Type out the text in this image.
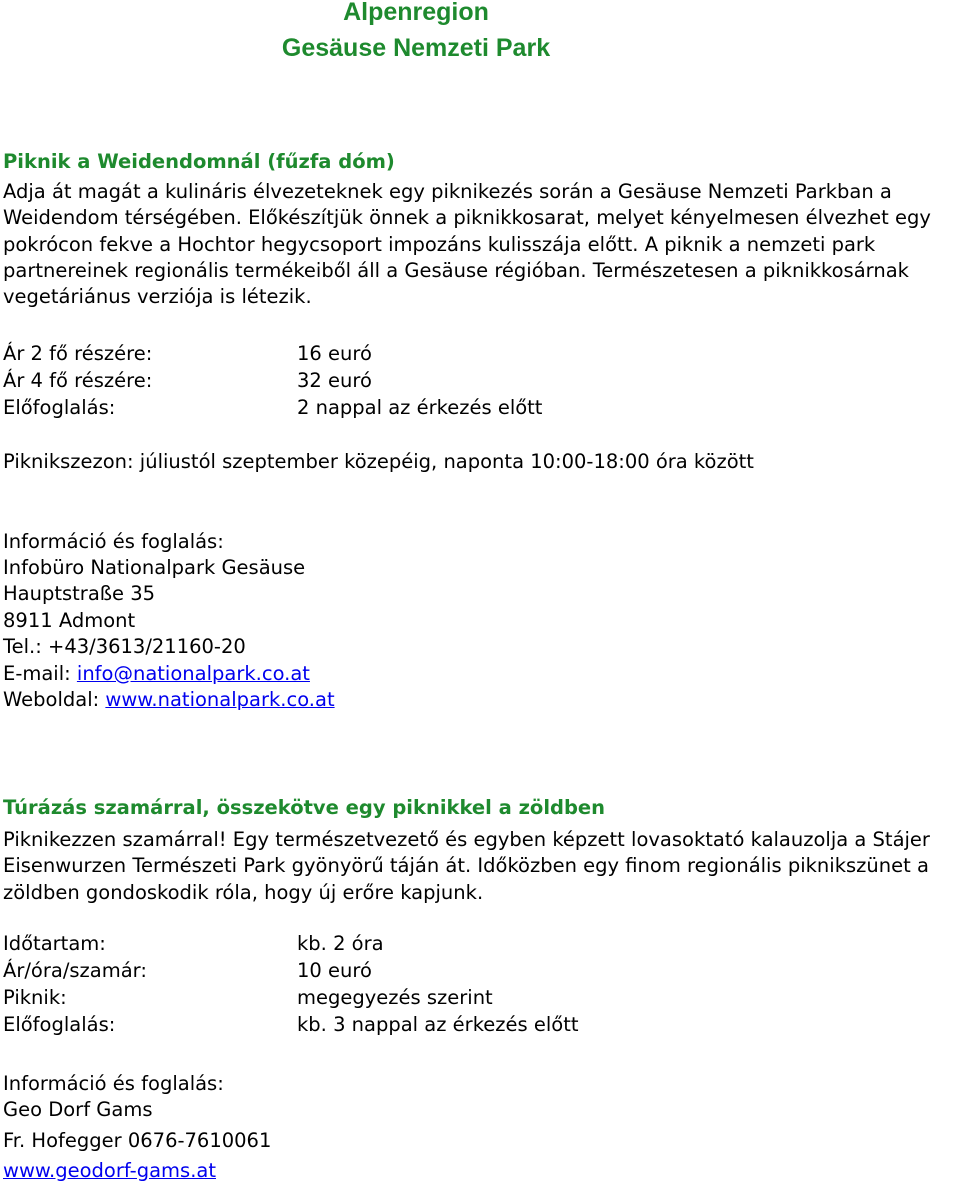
Alpenregion
Gesäuse Nemzeti Park
Piknik a Weidendomnál (fűzfa dóm)

Adja át magát a kulináris élvezeteknek egy piknikezés során a Gesäuse Nemzeti Parkban a Weidendom térségében. Előkészítjük önnek a piknikkosarat, melyet kényelmesen élvezhet egy pokrócon fekve a Hochtor hegycsoport impozáns kulisszája előtt. A piknik a nemzeti park partnereinek regionális termékeiből áll a Gesäuse régióban. Természetesen a piknikkosárnak vegetáriánus verziója is létezik.

Ár 2 fő részére:	16 euró
Ár 4 fő részére:	32 euró
Előfoglalás:	2 nappal az érkezés előtt
Piknikszezon: júliustól szeptember közepéig, naponta 10:00-18:00 óra között
Információ és foglalás:
Infobüro Nationalpark Gesäuse
Hauptstraße 35
8911 Admont
Tel.: +43/3613/21160-20
E-mail: info@nationalpark.co.at
Weboldal: www.nationalpark.co.at
Túrázás szamárral, összekötve egy piknikkel a zöldben

Piknikezzen szamárral! Egy természetvezető és egyben képzett lovasoktató kalauzolja a Stájer Eisenwurzen Természeti Park gyönyörű táján át. Időközben egy finom regionális piknikszünet a zöldben gondoskodik róla, hogy új erőre kapjunk.

Időtartam:	kb. 2 óra
Ár/óra/szamár:	10 euró
Piknik:	megegyezés szerint
Előfoglalás:	kb. 3 nappal az érkezés előtt
Információ és foglalás:
Geo Dorf Gams
Fr. Hofegger 0676-7610061
www.geodorf-gams.at
